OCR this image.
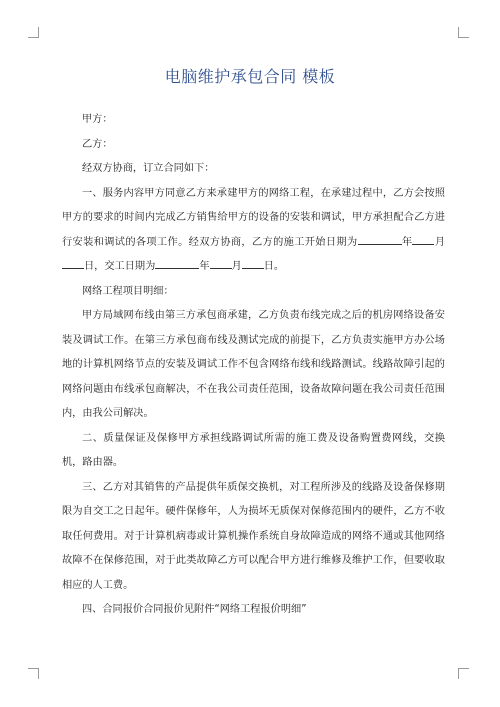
电脑维护承包合同 模板

甲方：

乙方：

经双方协商，订立合同如下：

一、服务内容甲方同意乙方来承建甲方的网络工程，在承建过程中，乙方会按照甲方的要求的时间内完成乙方销售给甲方的设备的安装和调试，甲方承担配合乙方进行安装和调试的各项工作。经双方协商，乙方的施工开始日期为	年 月日，交工日期为	年 月 日。

网络工程项目明细：

甲方局域网布线由第三方承包商承建，乙方负责布线完成之后的机房网络设备安装及调试工作。在第三方承包商布线及测试完成的前提下，乙方负责实施甲方办公场地的计算机网络节点的安装及调试工作不包含网络布线和线路测试。线路故障引起的网络问题由布线承包商解决，不在我公司责任范围，设备故障问题在我公司责任范围内，由我公司解决。

二、质量保证及保修甲方承担线路调试所需的施工费及设备购置费网线，交换机，路由器。

三、乙方对其销售的产品提供年质保交换机，对工程所涉及的线路及设备保修期限为自交工之日起年。硬件保修年，人为损坏无质保对保修范围内的硬件，乙方不收取任何费用。对于计算机病毒或计算机操作系统自身故障造成的网络不通或其他网络故障不在保修范围，对于此类故障乙方可以配合甲方进行维修及维护工作，但要收取相应的人工费。

四、合同报价合同报价见附件“网络工程报价明细”
